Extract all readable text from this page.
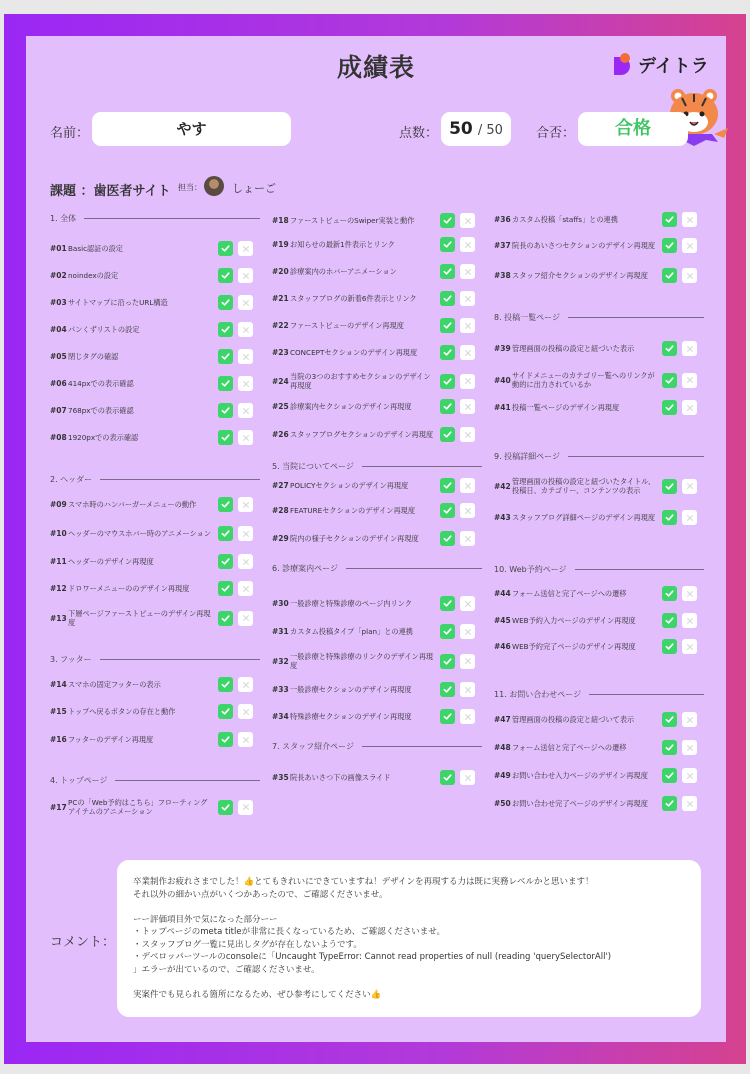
成績表	デイトラ
名前：	やす	点数： 50 / 50	合否：	合格
課題 ：歯医者サイト 担当：	しょーご
1. 全体
#01 Basic認証の設定
#02 noindexの設定
#03 サイトマップに沿ったURL構造
#04 パンくずリストの設定
#05 閉じタグの確認
#06 414pxでの表示確認
#07 768pxでの表示確認
#08 1920pxでの表示確認
2. ヘッダー
#09 スマホ時のハンバーガーメニューの動作
#10 ヘッダーのマウスホバー時のアニメーション
#11 ヘッダーのデザイン再現度
#12 ドロワーメニューののデザイン再現度
#13 下層ページファーストビューのデザイン再現度
3. フッター
#14 スマホの固定フッターの表示
#15 トップへ戻るボタンの存在と動作
#16 フッターのデザイン再現度
4. トップページ
#17 PCの「Web予約はこちら」フローティングアイテムのアニメーション
#18 ファーストビューのSwiper実装と動作
#19 お知らせの最新1件表示とリンク
#20 診療案内のホバーアニメーション
#21 スタッフブログの新着6件表示とリンク
#22 ファーストビューのデザイン再現度
#23 CONCEPTセクションのデザイン再現度
#24 当院の3つのおすすめセクションのデザイン再現度
#25 診療案内セクションのデザイン再現度
#26 スタッフブログセクションのデザイン再現度
5. 当院についてページ
#27 POLICYセクションのデザイン再現度
#28 FEATUREセクションのデザイン再現度
#29 院内の様子セクションのデザイン再現度
6. 診療案内ページ
#30 一般診療と特殊診療のページ内リンク
#31 カスタム投稿タイプ「plan」との連携
#32 一般診療と特殊診療のリンクのデザイン再現度
#33 一般診療セクションのデザイン再現度
#34 特殊診療セクションのデザイン再現度
7. スタッフ紹介ページ
#35 院長あいさつ下の画像スライド
#36 カスタム投稿「staffs」との連携
#37 院長のあいさつセクションのデザイン再現度
#38 スタッフ紹介セクションのデザイン再現度
8. 投稿一覧ページ
#39 管理画面の投稿の設定と紐づいた表示
#40 サイドメニューのカテゴリー覧へのリンクが動的に出力されているか
#41 投稿一覧ページのデザイン再現度
9. 投稿詳細ページ
#42 管理画面の投稿の設定と紐づいたタイトル、投稿日、カテゴリー、コンテンツの表示
#43 スタッフブログ詳細ページのデザイン再現度
10. Web予約ページ
#44 フォーム送信と完了ページへの遷移
#45 WEB予約入力ページのデザイン再現度
#46 WEB予約完了ページのデザイン再現度
11. お問い合わせページ
#47 管理画面の投稿の設定と紐づいて表示
#48 フォーム送信と完了ページへの遷移
#49 お問い合わせ入力ページのデザイン再現度
#50 お問い合わせ完了ページのデザイン再現度
コメント：

卒業制作お疲れさまでした！👍とてもきれいにできていますね！デザインを再現する力は既に実務レベルかと思います！
それ以外の細かい点がいくつかあったので、ご確認くださいませ。

ーー評価項目外で気になった部分ーー
・トップページのmeta titleが非常に長くなっているため、ご確認くださいませ。
・スタッフブログ一覧に見出しタグが存在しないようです。
・デベロッパーツールのconsoleに「Uncaught TypeError: Cannot read properties of null (reading 'querySelectorAll')
」エラーが出ているので、ご確認くださいませ。

実案件でも見られる箇所になるため、ぜひ参考にしてください👍
